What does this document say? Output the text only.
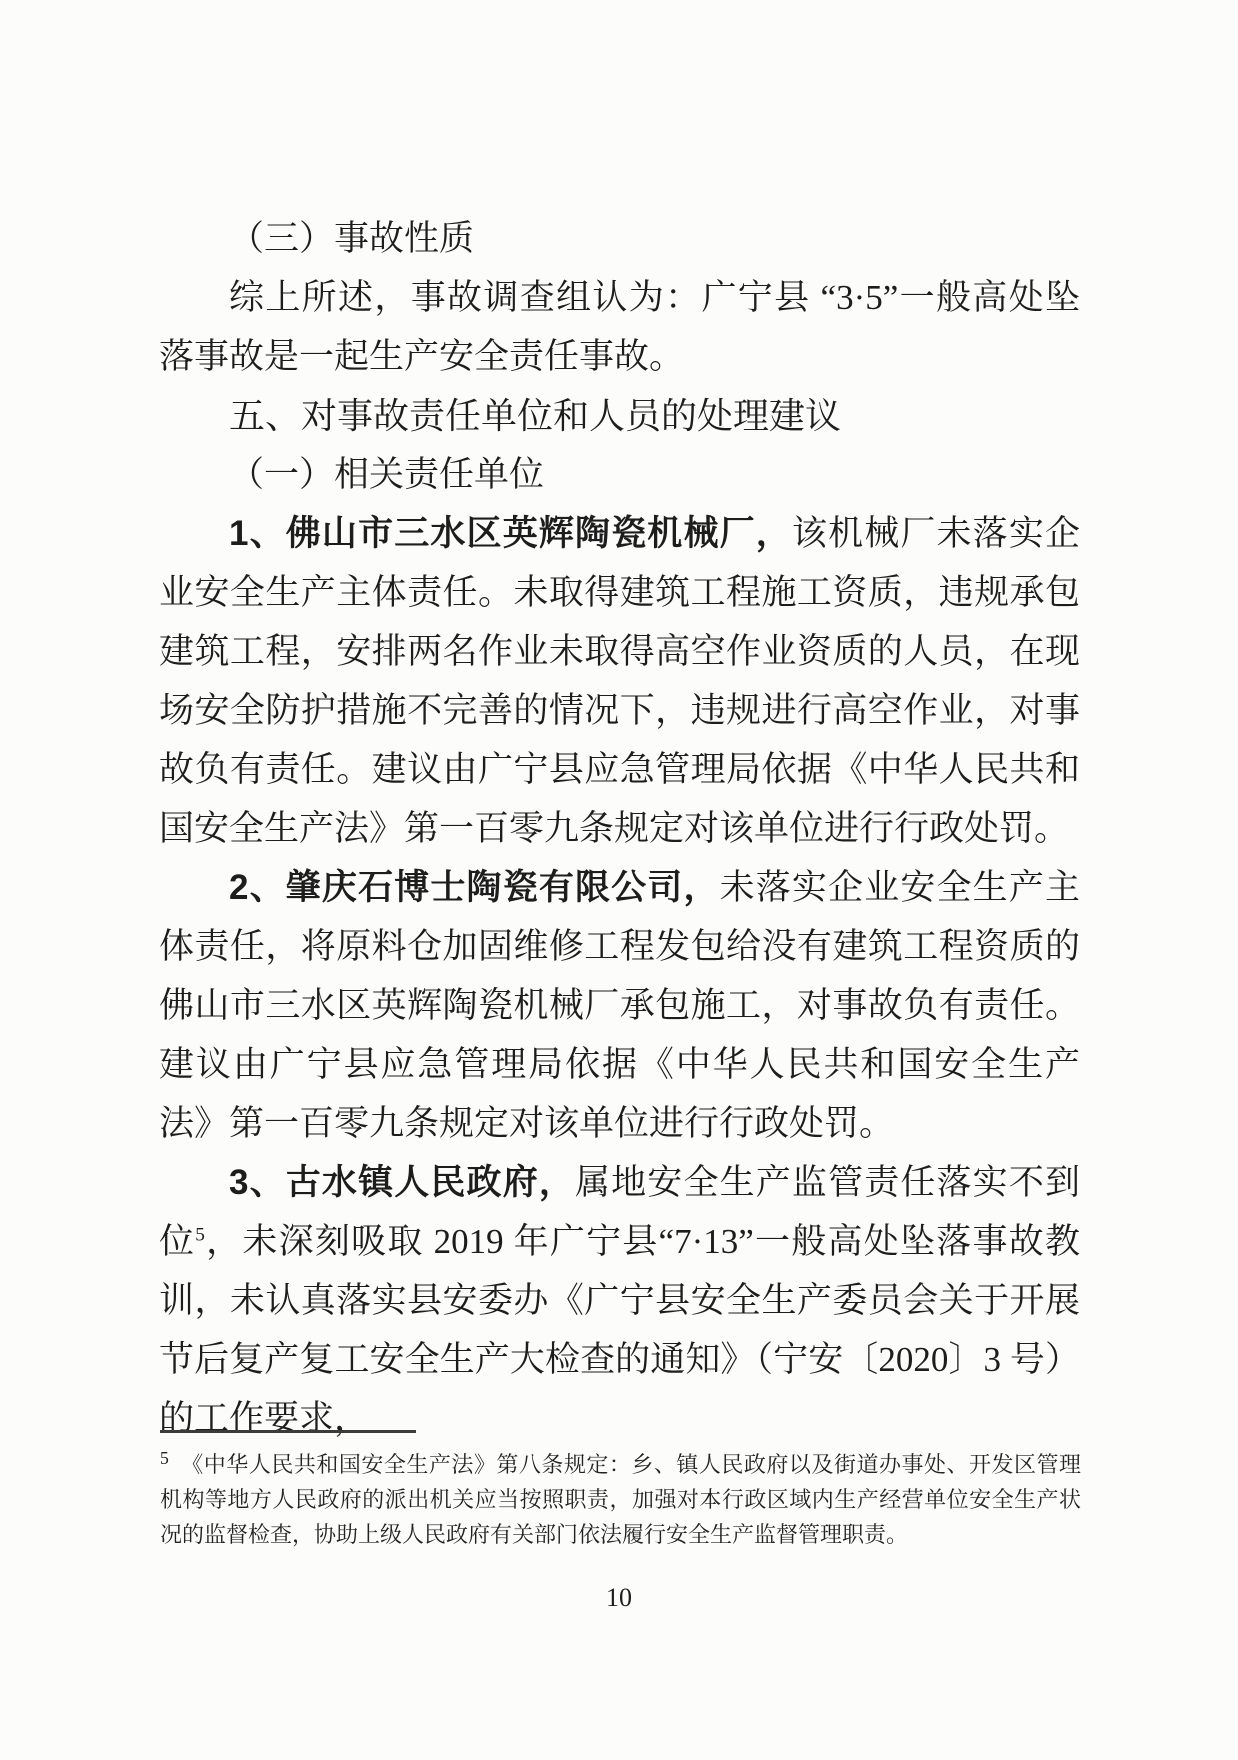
（三）事故性质

综上所述，事故调查组认为：广宁县 “3·5”一般高处坠落事故是一起生产安全责任事故。

五、对事故责任单位和人员的处理建议
（一）相关责任单位

1、佛山市三水区英辉陶瓷机械厂，该机械厂未落实企业安全生产主体责任。未取得建筑工程施工资质，违规承包建筑工程，安排两名作业未取得高空作业资质的人员，在现场安全防护措施不完善的情况下，违规进行高空作业，对事故负有责任。建议由广宁县应急管理局依据《中华人民共和国安全生产法》第一百零九条规定对该单位进行行政处罚。

2、肇庆石博士陶瓷有限公司，未落实企业安全生产主体责任，将原料仓加固维修工程发包给没有建筑工程资质的佛山市三水区英辉陶瓷机械厂承包施工，对事故负有责任。建议由广宁县应急管理局依据《中华人民共和国安全生产法》第一百零九条规定对该单位进行行政处罚。

3、古水镇人民政府，属地安全生产监管责任落实不到位$^5$，未深刻吸取 2019 年广宁县“7·13”一般高处坠落事故教训，未认真落实县安委办《广宁县安全生产委员会关于开展节后复产复工安全生产大检查的通知》（宁安〔2020〕3 号）的工作要求，

$^5$ 《中华人民共和国安全生产法》第八条规定：乡、镇人民政府以及街道办事处、开发区管理机构等地方人民政府的派出机关应当按照职责，加强对本行政区域内生产经营单位安全生产状况的监督检查，协助上级人民政府有关部门依法履行安全生产监督管理职责。
10
